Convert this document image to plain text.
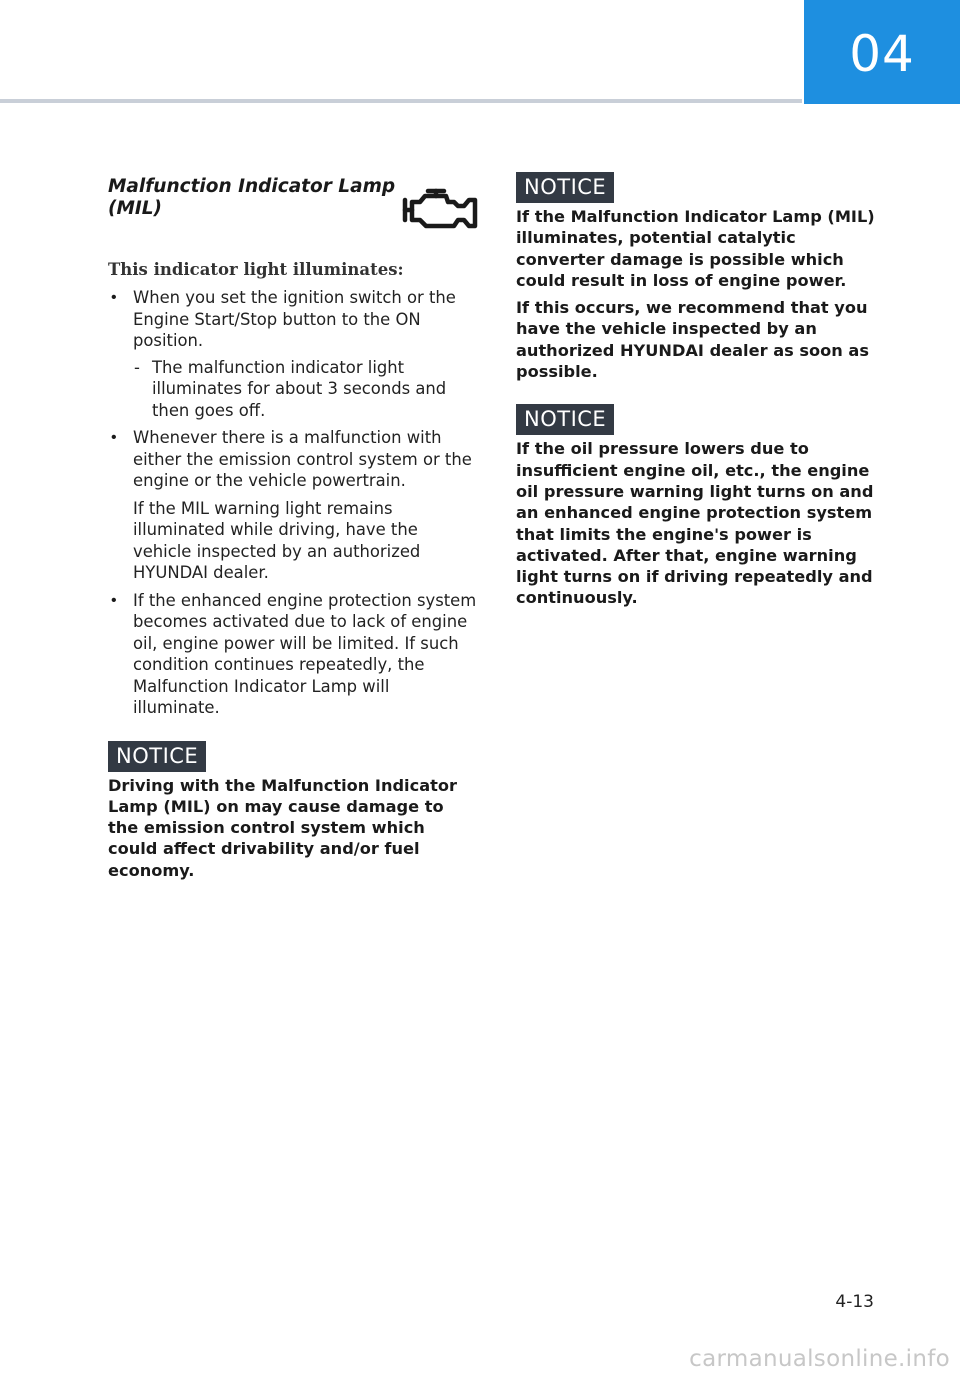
04
Malfunction Indicator Lamp (MIL)
This indicator light illuminates:
• When you set the ignition switch or the Engine Start/Stop button to the ON position.
- The malfunction indicator light illuminates for about 3 seconds and then goes off.
• Whenever there is a malfunction with either the emission control system or the engine or the vehicle powertrain.
If the MIL warning light remains illuminated while driving, have the vehicle inspected by an authorized HYUNDAI dealer.
• If the enhanced engine protection system becomes activated due to lack of engine oil, engine power will be limited. If such condition continues repeatedly, the Malfunction Indicator Lamp will illuminate.
NOTICE
Driving with the Malfunction Indicator Lamp (MIL) on may cause damage to the emission control system which could affect drivability and/or fuel economy.
NOTICE

If the Malfunction Indicator Lamp (MIL) illuminates, potential catalytic converter damage is possible which could result in loss of engine power.

If this occurs, we recommend that you have the vehicle inspected by an authorized HYUNDAI dealer as soon as possible.

NOTICE
If the oil pressure lowers due to insufficient engine oil, etc., the engine oil pressure warning light turns on and an enhanced engine protection system that limits the engine's power is activated. After that, engine warning light turns on if driving repeatedly and continuously.
4-13
carmanualsonline.info
